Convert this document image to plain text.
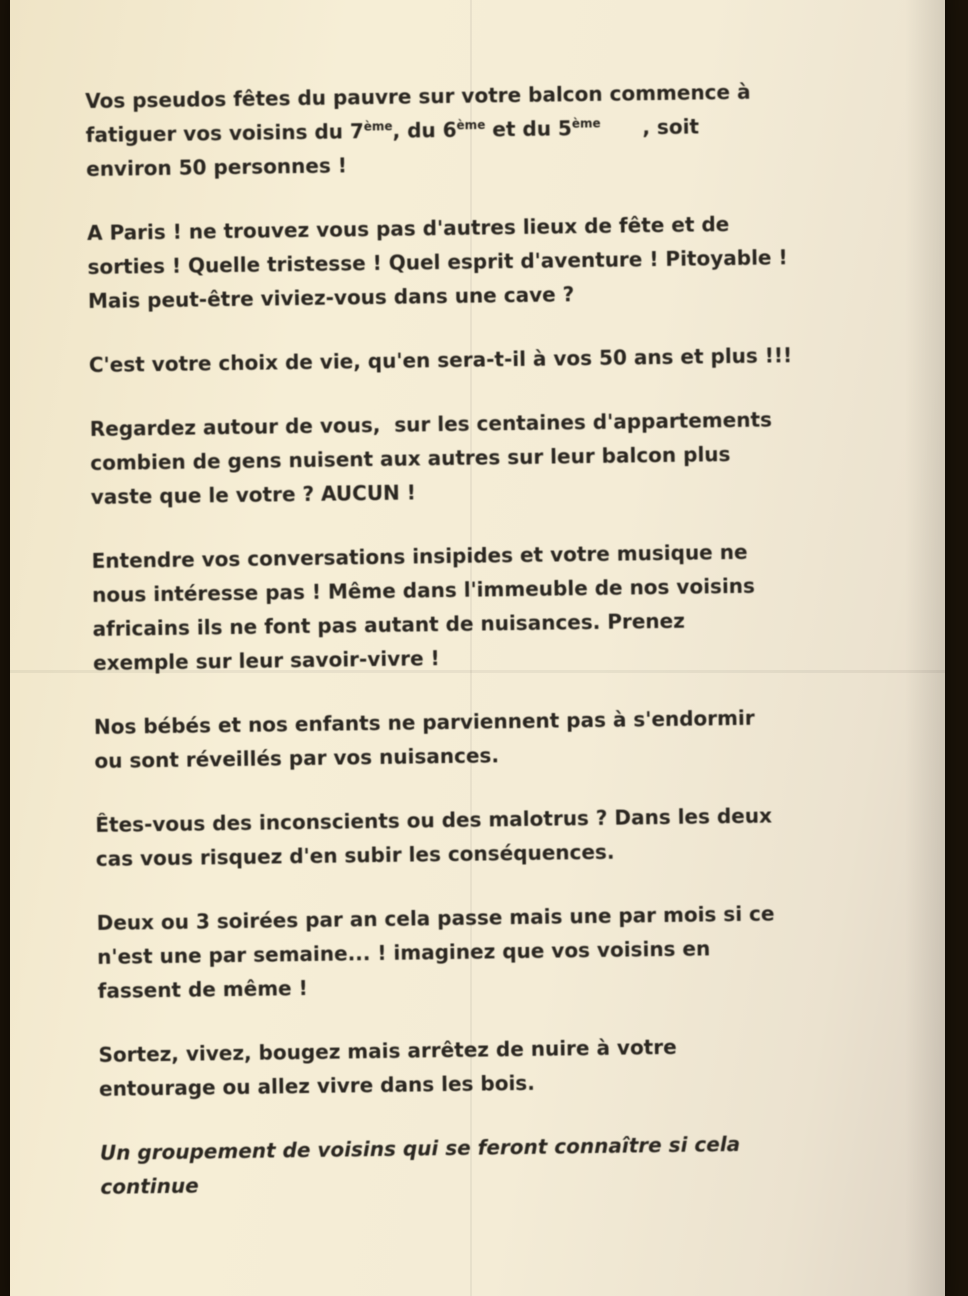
Vos pseudos fêtes du pauvre sur votre balcon commence à
fatiguer vos voisins du 7ème, du 6ème et du 5ème      , soit
environ 50 personnes !

A Paris ! ne trouvez vous pas d'autres lieux de fête et de
sorties ! Quelle tristesse ! Quel esprit d'aventure ! Pitoyable !
Mais peut-être viviez-vous dans une cave ?

C'est votre choix de vie, qu'en sera-t-il à vos 50 ans et plus !!!

Regardez autour de vous,  sur les centaines d'appartements
combien de gens nuisent aux autres sur leur balcon plus
vaste que le votre ? AUCUN !

Entendre vos conversations insipides et votre musique ne
nous intéresse pas ! Même dans l'immeuble de nos voisins
africains ils ne font pas autant de nuisances. Prenez
exemple sur leur savoir-vivre !

Nos bébés et nos enfants ne parviennent pas à s'endormir
ou sont réveillés par vos nuisances.

Êtes-vous des inconscients ou des malotrus ? Dans les deux
cas vous risquez d'en subir les conséquences.

Deux ou 3 soirées par an cela passe mais une par mois si ce
n'est une par semaine... ! imaginez que vos voisins en
fassent de même !

Sortez, vivez, bougez mais arrêtez de nuire à votre
entourage ou allez vivre dans les bois.

Un groupement de voisins qui se feront connaître si cela
continue
